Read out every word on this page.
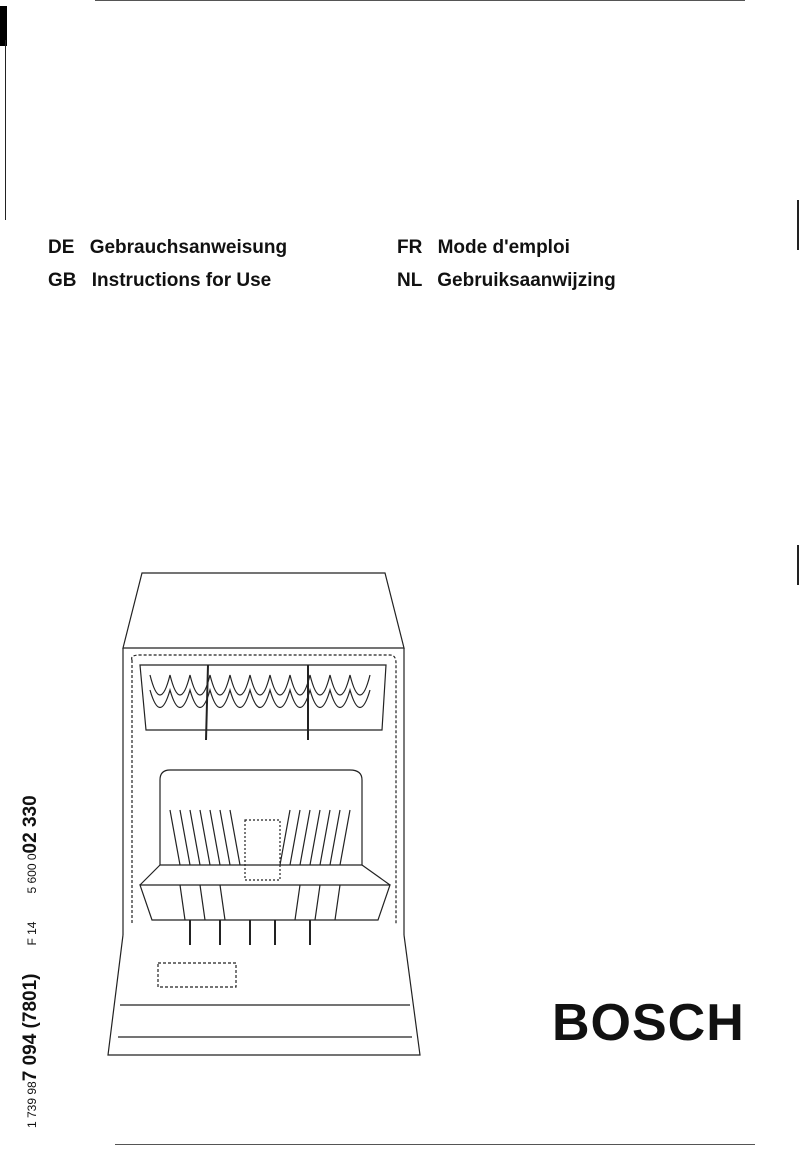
DE Gebrauchsanweisung
GB Instructions for Use
FR Mode d'emploi
NL Gebruiksaanwijzing
1 739 987 094 (7801)F 145 600 002 330
BOSCH
